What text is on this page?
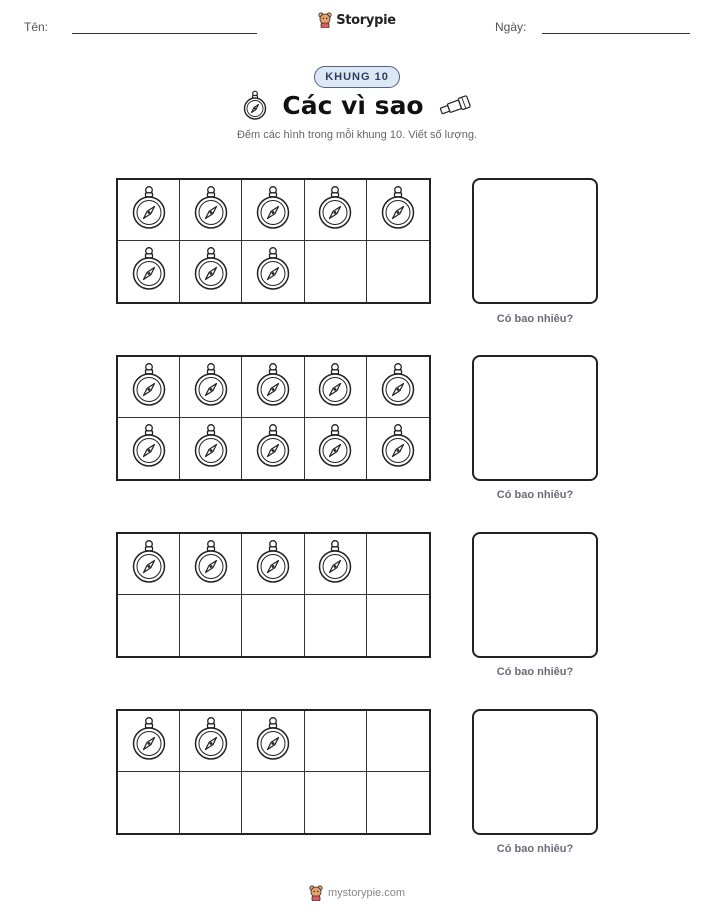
Tên:	Storypie	Ngày:
KHUNG 10
Các vì sao
Đếm các hình trong mỗi khung 10. Viết số lượng.
Có bao nhiêu?
Có bao nhiêu?
Có bao nhiêu?
Có bao nhiêu?
mystorypie.com
